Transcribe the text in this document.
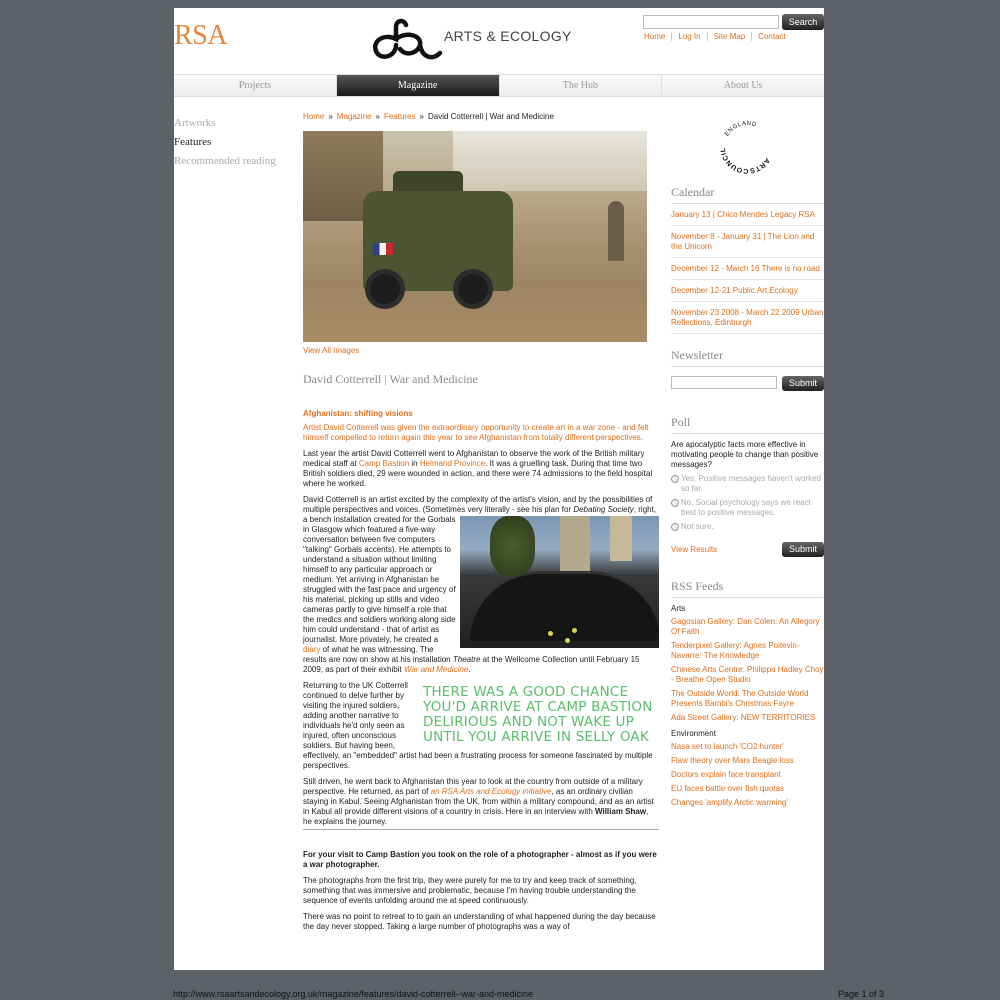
RSA	ARTS & ECOLOGY
Search
Home	Log In	Site Map	Contact
Projects	Magazine	The Hub	About Us
Artworks
Features
Recommended reading
Home » Magazine » Features » David Cotterrell | War and Medicine
View All Images
David Cotterrell | War and Medicine
Afghanistan: shifting visions
Artist David Cotterrell was given the extraordinary opportunity to create art in a war zone - and felt himself compelled to return again this year to see Afghanistan from totally different perspectives.

Last year the artist David Cotterrell went to Afghanistan to observe the work of the British military medical staff at Camp Bastion in Helmand Province. It was a gruelling task. During that time two British soldiers died, 29 were wounded in action, and there were 74 admissions to the field hospital where he worked.

David Cotterrell is an artist excited by the complexity of the artist's vision, and by the possibilities of multiple perspectives and voices. (Sometimes very literally - see his plan for Debating Society
, right, a bench installation created for the Gorbals in Glasgow which featured a five-way conversation between five computers "talking" Gorbals accents). He attempts to understand a situation without limiting himself to any particular approach or medium. Yet arriving in Afghanistan he struggled with the fast pace and urgency of his material, picking up stills and video cameras partly to give himself a role that the medics and soldiers working along side him could understand - that of artist as journalist. More privately, he created a diary of what he was witnessing. The results are now on show at his installation Theatre at the Wellcome Collection until February 15 2009, as part of their exhibit War and Medicine.

THERE WAS A GOOD CHANCE YOU'D ARRIVE AT CAMP BASTION DELIRIOUS AND NOT WAKE UP UNTIL YOU ARRIVE IN SELLY OAK
Returning to the UK Cotterrell continued to delve further by visiting the injured soldiers, adding another narrative to individuals he'd only seen as injured, often unconscious soldiers. But having been, effectively, an "embedded" artist had been a frustrating process for someone fascinated by multiple perspectives.

Still driven, he went back to Afghanistan this year to look at the country from outside of a military perspective. He returned, as part of an RSA Arts and Ecology initiative, as an ordinary civilian staying in Kabul. Seeing Afghanistan from the UK, from within a military compound, and as an artist in Kabul all provide different visions of a country in crisis. Here in an interview with William Shaw, he explains the journey.

For your visit to Camp Bastion you took on the role of a photographer - almost as if you were a war photographer.

The photographs from the first trip, they were purely for me to try and keep track of something, something that was immersive and problematic, because I'm having trouble understanding the sequence of events unfolding around me at speed continuously.

There was no point to retreat to to gain an understanding of what happened during the day because the day never stopped. Taking a large number of photographs was a way of

ARTS
COUNCIL
ENGLAND
Calendar
January 13 | Chico Mendes Legacy RSA
November 8 - January 31 | The Lion and the Unicorn
December 12 - March 16 There is no road
December 12-21 Public.Art.Ecology
November 23 2008 - March 22 2009 Urban Reflections, Edinburgh
Newsletter
Submit
Poll
Are apocalyptic facts more effective in motivating people to change than positive messages?
Yes. Positive messages haven't worked so far.
No. Social psychology says we react best to positive messages.
Not sure.
View Results	Submit
RSS Feeds
Arts
Gagosian Gallery: Dan Colen: An Allegory Of Faith
Tenderpixel Gallery: Agnes Poitevin-Navarre: The Knowledge
Chinese Arts Centre: Philippa Hadley Choy - Breathe Open Studio
The Outside World: The Outside World Presents Bambi's Christmas Fayre
Ada Street Gallery: NEW TERRITORIES
Environment
Nasa set to launch 'CO2 hunter'
Flaw theory over Mars Beagle loss
Doctors explain face transplant
EU faces battle over fish quotas
Changes 'amplify Arctic warming'
http://www.rsaartsandecology.org.uk/magazine/features/david-cotterrell--war-and-medicine	Page 1 of 3
